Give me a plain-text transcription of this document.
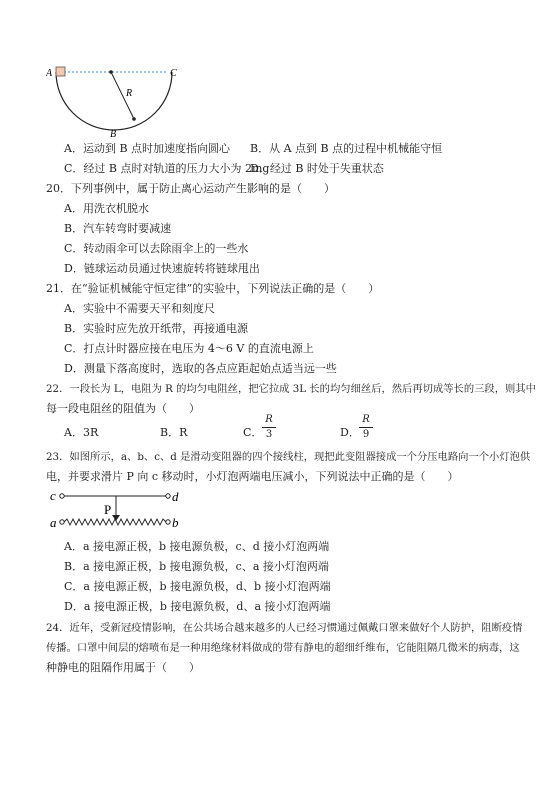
A	C
R
B
A．运动到 B 点时加速度指向圆心 B．从 A 点到 B 点的过程中机械能守恒
C．经过 B 点时对轨道的压力大小为 2mg
D．经过 B 时处于失重状态
20．下列事例中，属于防止离心运动产生影响的是（　　）
A．用洗衣机脱水
B．汽车转弯时要减速
C．转动雨伞可以去除雨伞上的一些水
D．链球运动员通过快速旋转将链球甩出
21．在“验证机械能守恒定律”的实验中，下列说法正确的是（　　）
A．实验中不需要天平和刻度尺
B．实验时应先放开纸带，再接通电源
C．打点计时器应接在电压为 4～6 V 的直流电源上
D．测量下落高度时，选取的各点应距起始点适当远一些
22．一段长为 L，电阻为 R 的均匀电阻丝，把它拉成 3L 长的均匀细丝后，然后再切成等长的三段，则其中
每一段电阻丝的阻值为（　　）
A．3R	B．R	C．
R
3	D．
R
9
23．如图所示，a、b、c、d 是滑动变阻器的四个接线柱，现把此变阻器接成一个分压电路向一个小灯泡供
电，并要求滑片 P 向 c 移动时，小灯泡两端电压减小，下列说法中正确的是（　　）
c	d
P
a	b
A．a 接电源正极，b 接电源负极，c、d 接小灯泡两端
B．a 接电源正极，b 接电源负极，c、a 接小灯泡两端
C．a 接电源正极，b 接电源负极，d、b 接小灯泡两端
D．a 接电源正极，b 接电源负极，d、a 接小灯泡两端
24．近年，受新冠疫情影响，在公共场合越来越多的人已经习惯通过佩戴口罩来做好个人防护，阻断疫情
传播。口罩中间层的熔喷布是一种用绝缘材料做成的带有静电的超细纤维布，它能阻隔几微米的病毒，这
种静电的阻隔作用属于（　　）
